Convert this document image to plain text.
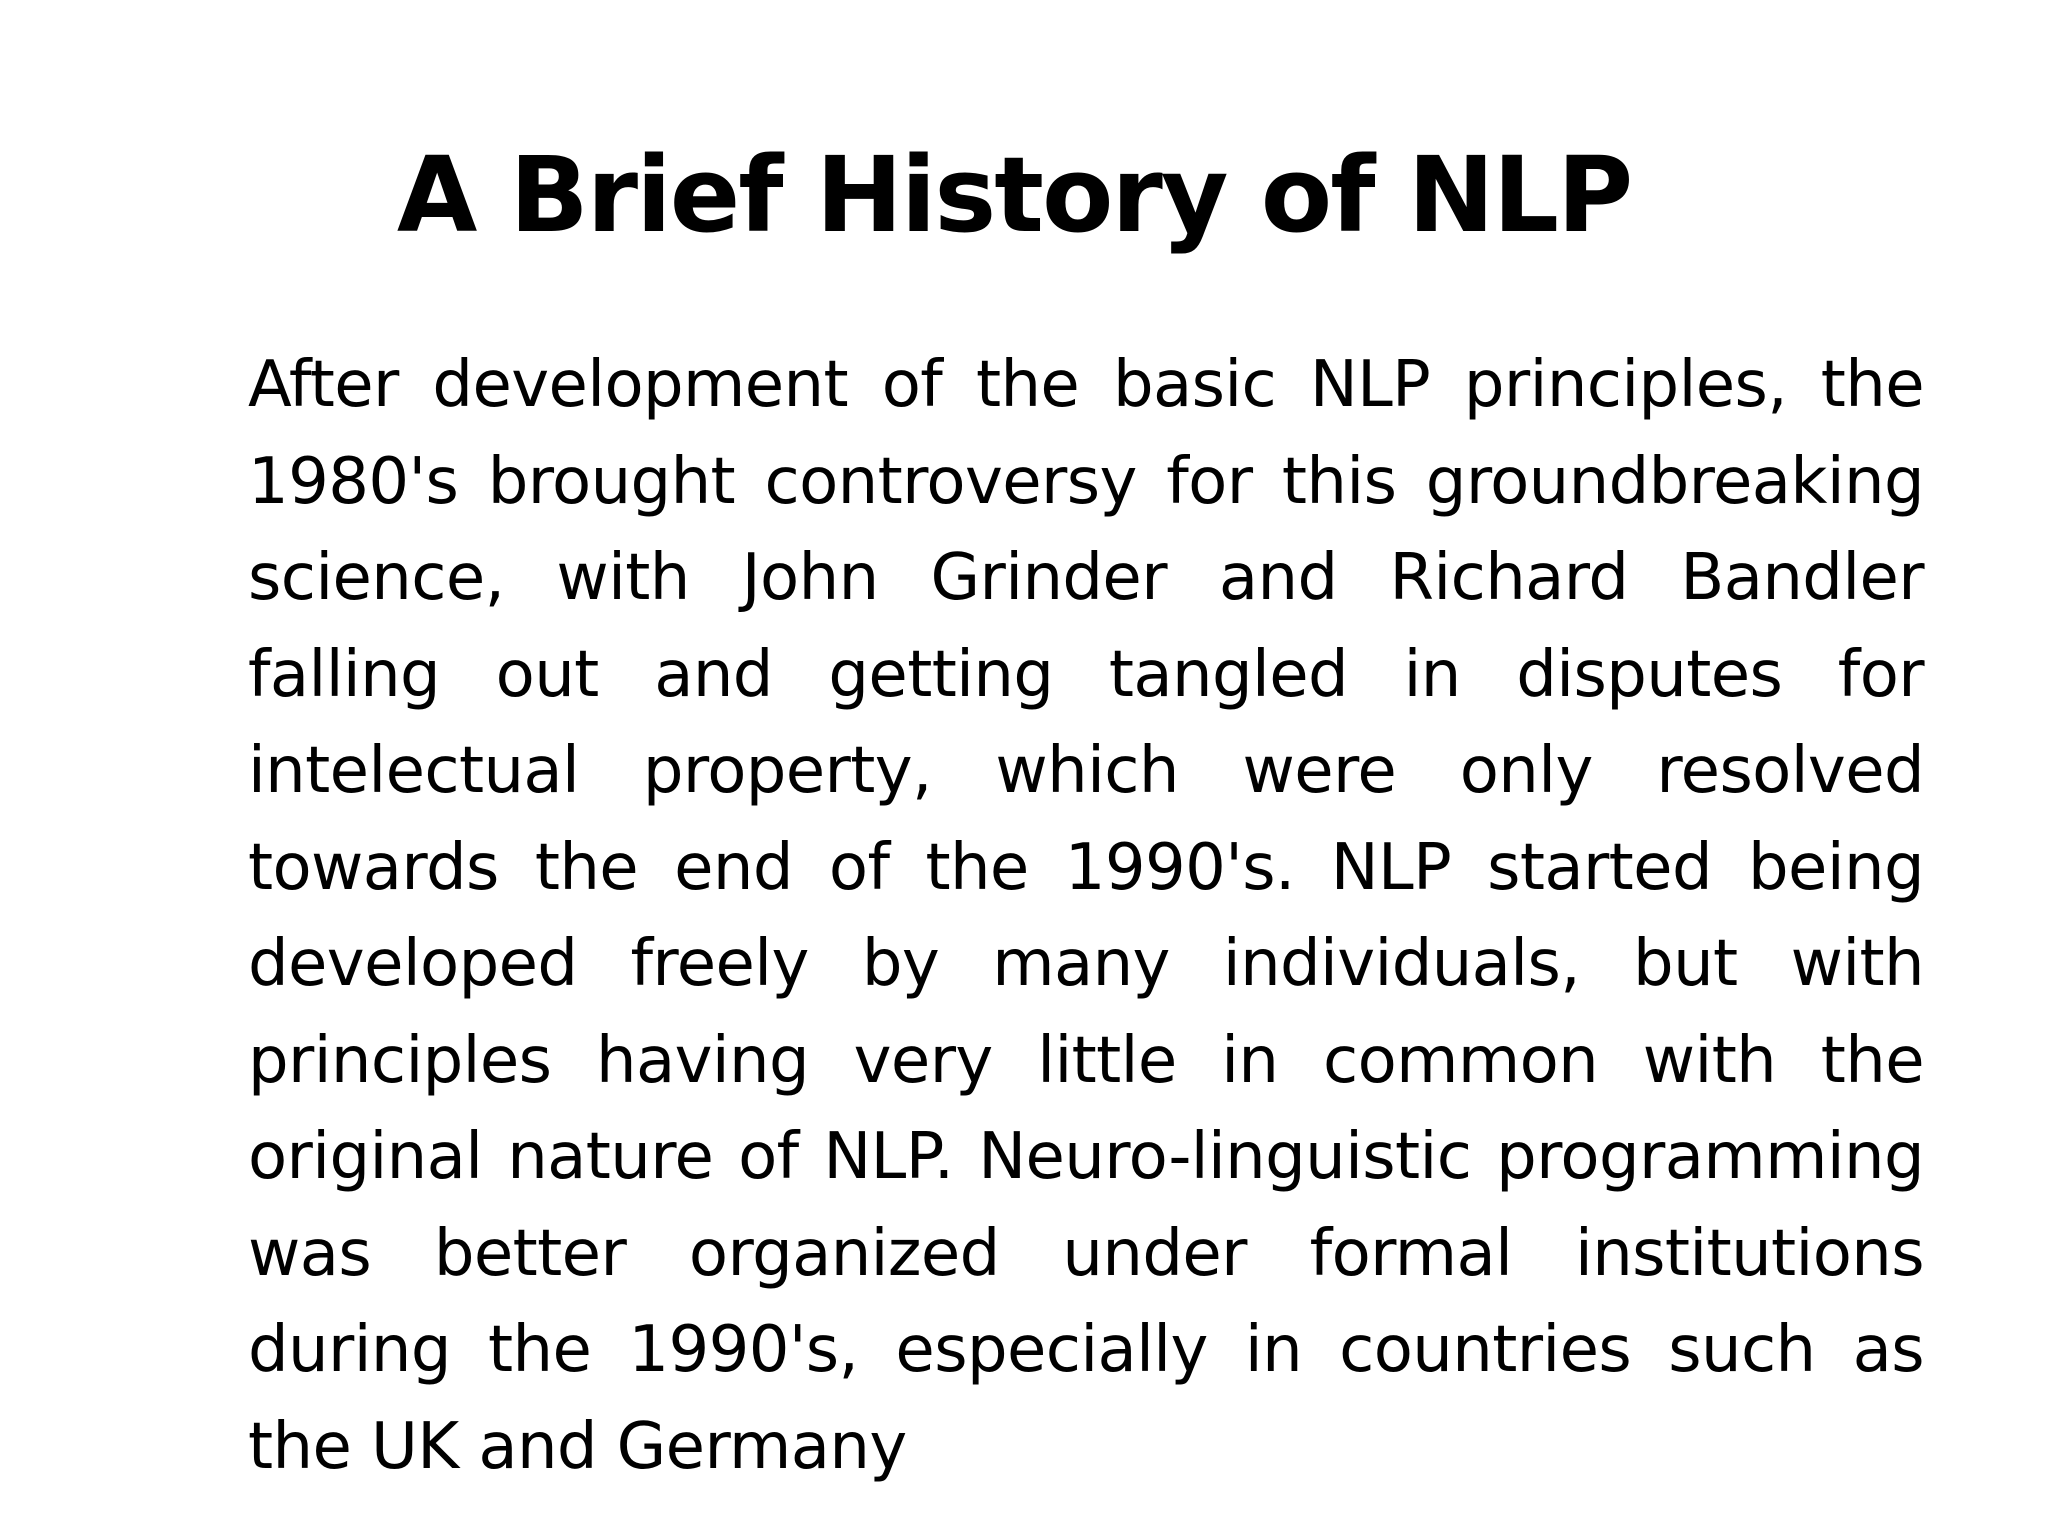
A Brief History of NLP

After development of the basic NLP principles, the 1980's brought controversy for this groundbreaking science, with John Grinder and Richard Bandler falling out and getting tangled in disputes for intelectual property, which were only resolved towards the end of the 1990's. NLP started being developed freely by many individuals, but with principles having very little in common with the original nature of NLP. Neuro-linguistic programming was better organized under formal institutions during the 1990's, especially in countries such as the UK and Germany
